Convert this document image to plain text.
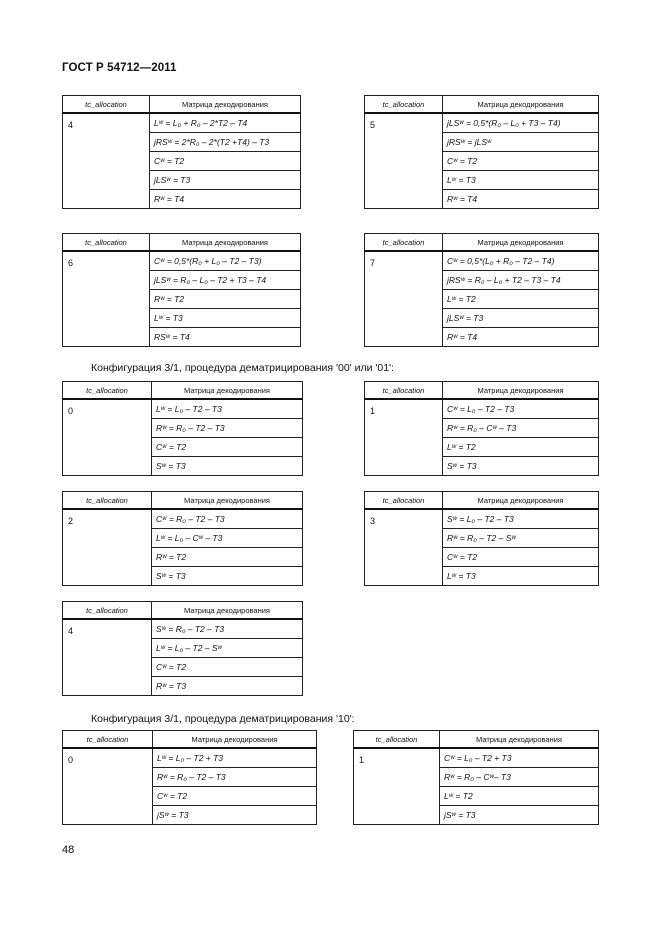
ГОСТ Р 54712—2011
tc_allocation	Матрица декодирования
4	Lʷ = L₀ + R₀ – 2*T2 – T4
	jRSʷ = 2*R₀ – 2*(T2 +T4) – T3
	Cʷ = T2
	jLSʷ = T3
	Rʷ = T4
tc_allocation	Матрица декодирования
5	jLSʷ = 0,5*(R₀ – L₀ + T3 – T4)
	jRSʷ = jLSʷ
	Cʷ = T2
	Lʷ = T3
	Rʷ = T4
tc_allocation	Матрица декодирования
6	Cʷ = 0,5*(R₀ + L₀ – T2 – T3)
	jLSʷ = R₀ – L₀ – T2 + T3 – T4
	Rʷ = T2
	Lʷ = T3
	RSʷ = T4
tc_allocation	Матрица декодирования
7	Cʷ = 0,5*(L₀ + R₀ – T2 – T4)
	jRSʷ = R₀ – L₀ + T2 – T3 – T4
	Lʷ = T2
	jLSʷ = T3
	Rʷ = T4
Конфигурация 3/1, процедура дематрицирования '00' или '01':
tc_allocation	Матрица декодирования
0	Lʷ = L₀ – T2 – T3
	Rʷ = R₀ – T2 – T3
	Cʷ = T2
	Sʷ = T3
tc_allocation	Матрица декодирования
1	Cʷ = L₀ – T2 – T3
	Rʷ = R₀ – Cʷ – T3
	Lʷ = T2
	Sʷ = T3
tc_allocation	Матрица декодирования
2	Cʷ = R₀ – T2 – T3
	Lʷ = L₀ – Cʷ – T3
	Rʷ = T2
	Sʷ = T3
tc_allocation	Матрица декодирования
3	Sʷ = L₀ – T2 – T3
	Rʷ = R₀ – T2 – Sʷ
	Cʷ = T2
	Lʷ = T3
tc_allocation	Матрица декодирования
4	Sʷ = R₀ – T2 – T3
	Lʷ = L₀ – T2 – Sʷ
	Cʷ = T2
	Rʷ = T3
Конфигурация 3/1, процедура дематрицирования '10':
tc_allocation	Матрица декодирования
0	Lʷ = L₀ – T2 + T3
	Rʷ = R₀ – T2 – T3
	Cʷ = T2
	jSʷ = T3
tc_allocation	Матрица декодирования
1	Cʷ = L₀ – T2 + T3
	Rʷ = R₀ – Cʷ– T3
	Lʷ = T2
	jSʷ = T3
48
